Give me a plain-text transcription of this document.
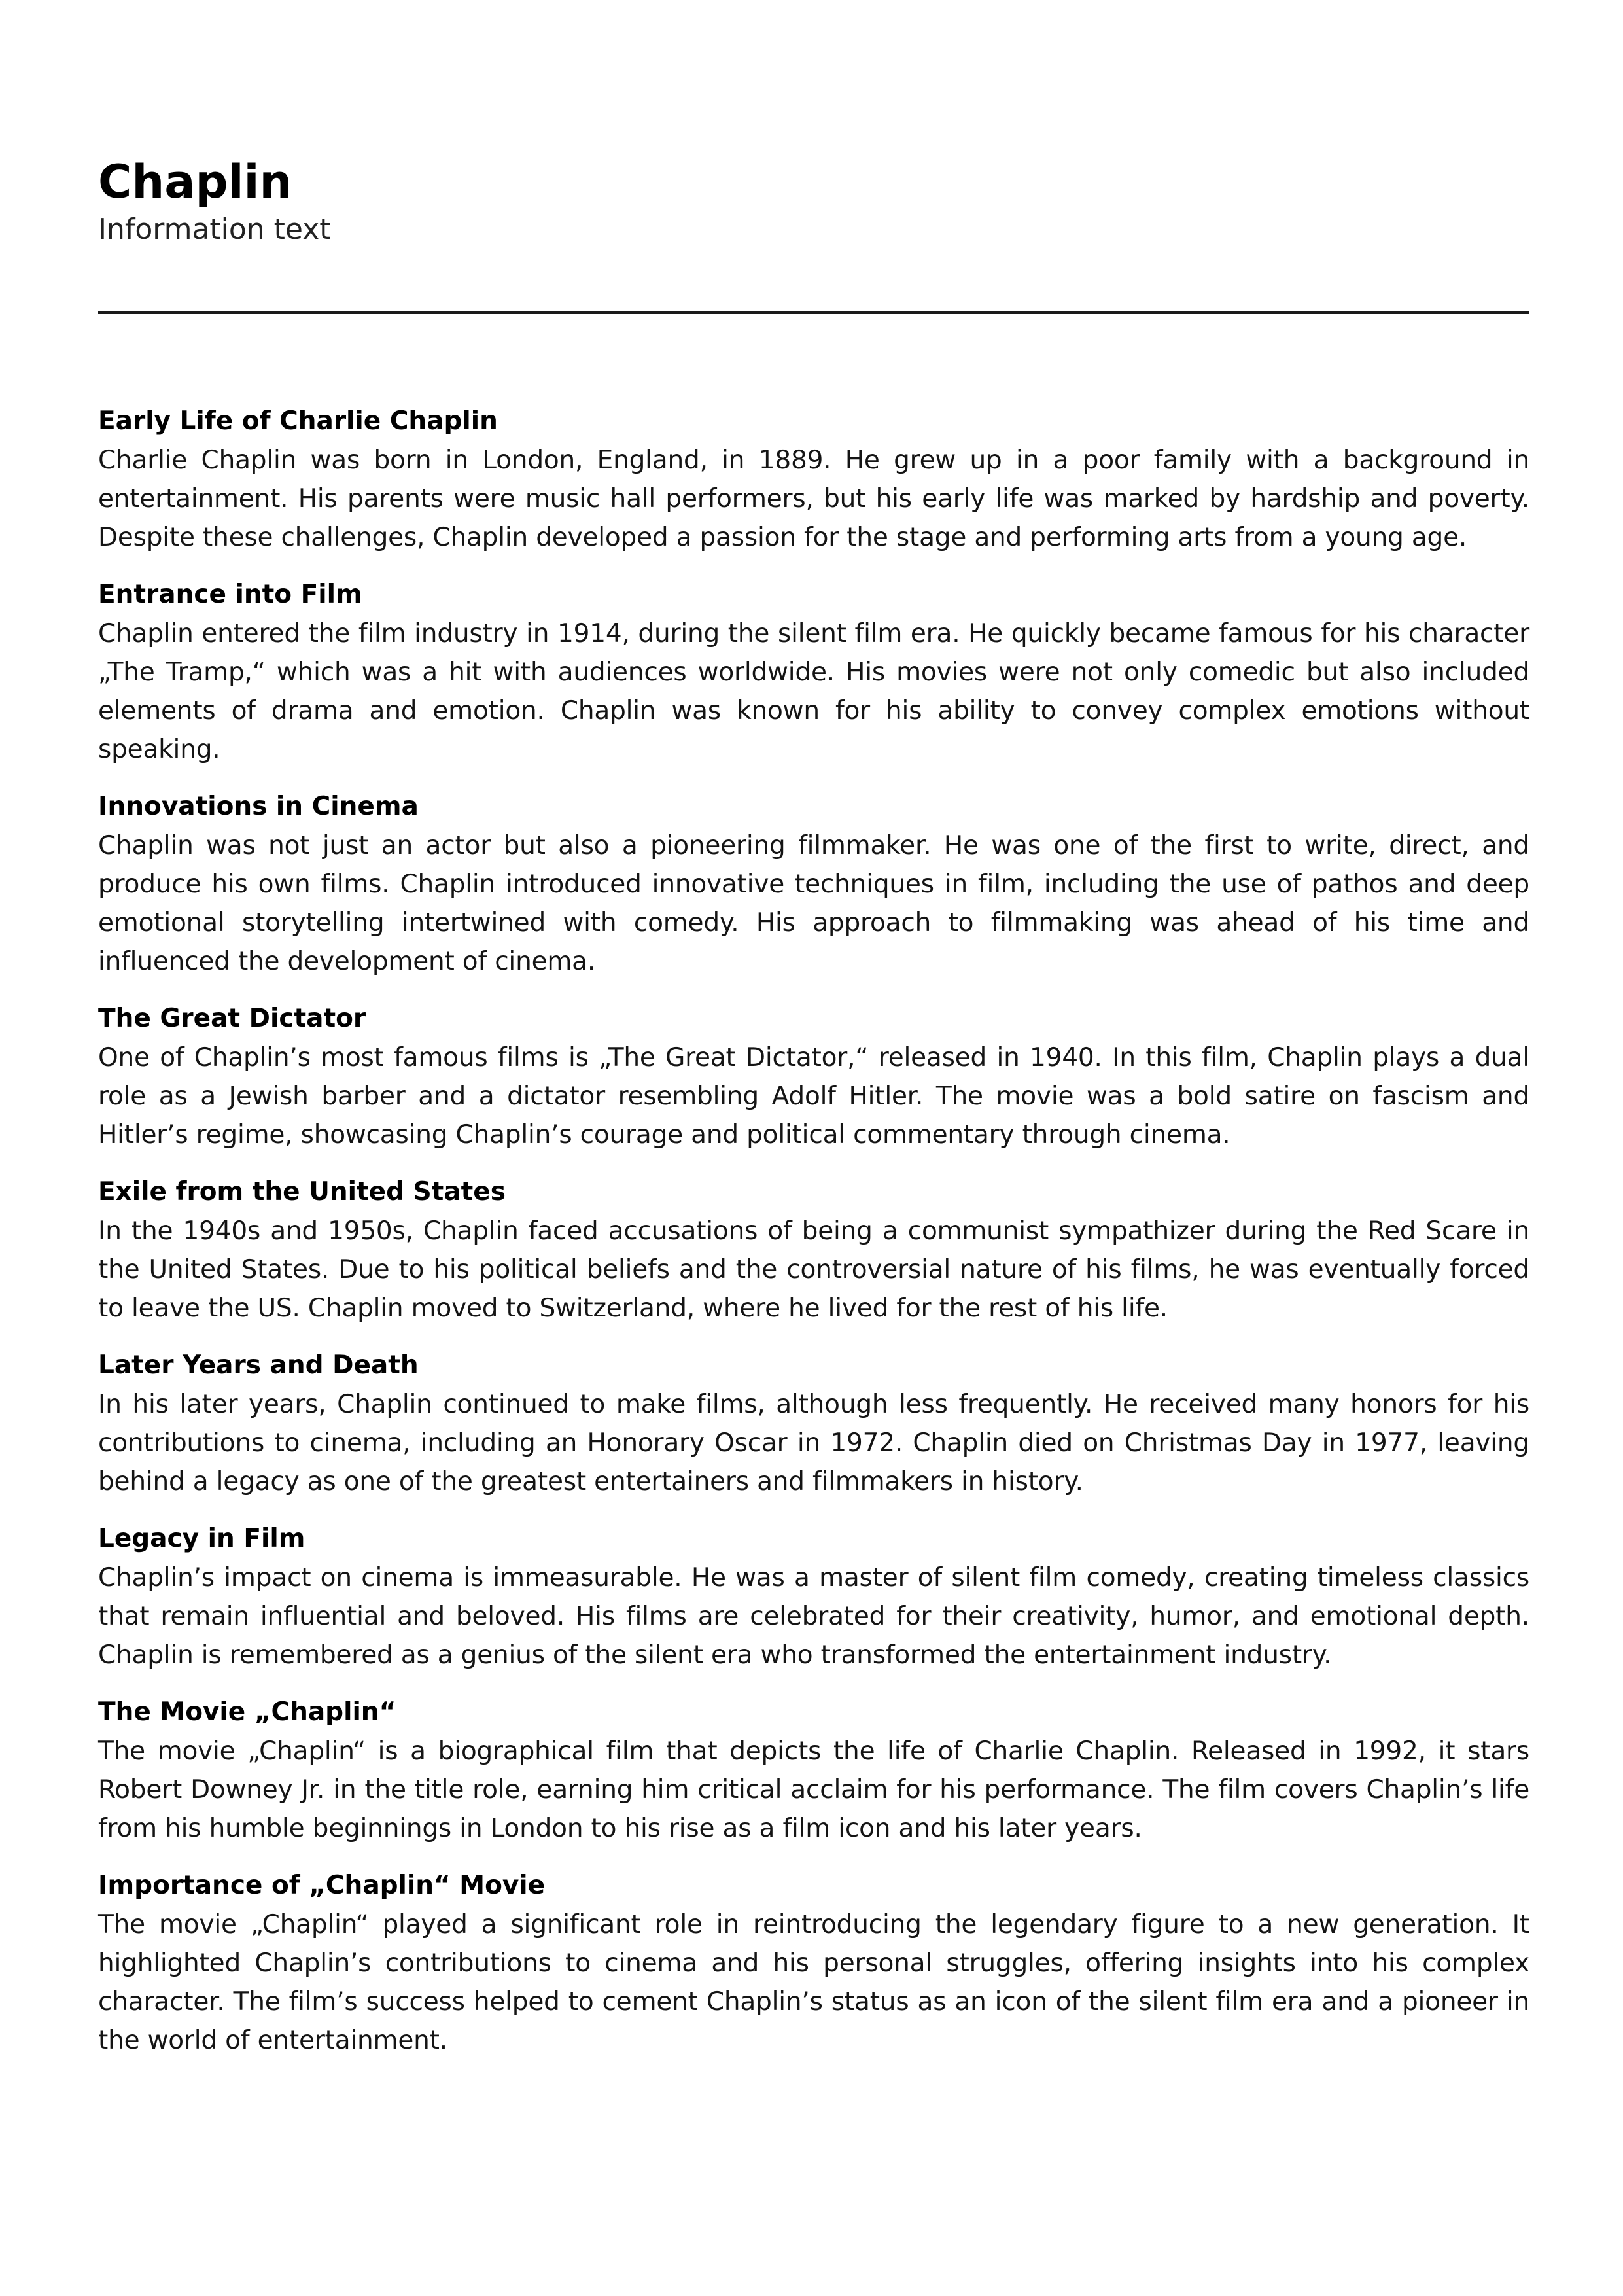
Chaplin

Information text

Early Life of Charlie Chaplin

Charlie Chaplin was born in London, England, in 1889. He grew up in a poor family with a background in entertainment. His parents were music hall performers, but his early life was marked by hardship and poverty. Despite these challenges, Chaplin developed a passion for the stage and performing arts from a young age.

Entrance into Film

Chaplin entered the film industry in 1914, during the silent film era. He quickly became famous for his character „The Tramp,“ which was a hit with audiences worldwide. His movies were not only comedic but also included elements of drama and emotion. Chaplin was known for his ability to convey complex emotions without speaking.

Innovations in Cinema

Chaplin was not just an actor but also a pioneering filmmaker. He was one of the first to write, direct, and produce his own films. Chaplin introduced innovative techniques in film, including the use of pathos and deep emotional storytelling intertwined with comedy. His approach to filmmaking was ahead of his time and influenced the development of cinema.

The Great Dictator

One of Chaplin’s most famous films is „The Great Dictator,“ released in 1940. In this film, Chaplin plays a dual role as a Jewish barber and a dictator resembling Adolf Hitler. The movie was a bold satire on fascism and Hitler’s regime, showcasing Chaplin’s courage and political commentary through cinema.

Exile from the United States

In the 1940s and 1950s, Chaplin faced accusations of being a communist sympathizer during the Red Scare in the United States. Due to his political beliefs and the controversial nature of his films, he was eventually forced to leave the US. Chaplin moved to Switzerland, where he lived for the rest of his life.

Later Years and Death

In his later years, Chaplin continued to make films, although less frequently. He received many honors for his contributions to cinema, including an Honorary Oscar in 1972. Chaplin died on Christmas Day in 1977, leaving behind a legacy as one of the greatest entertainers and filmmakers in history.

Legacy in Film

Chaplin’s impact on cinema is immeasurable. He was a master of silent film comedy, creating timeless classics that remain influential and beloved. His films are celebrated for their creativity, humor, and emotional depth. Chaplin is remembered as a genius of the silent era who transformed the entertainment industry.

The Movie „Chaplin“

The movie „Chaplin“ is a biographical film that depicts the life of Charlie Chaplin. Released in 1992, it stars Robert Downey Jr. in the title role, earning him critical acclaim for his performance. The film covers Chaplin’s life from his humble beginnings in London to his rise as a film icon and his later years.

Importance of „Chaplin“ Movie

The movie „Chaplin“ played a significant role in reintroducing the legendary figure to a new generation. It highlighted Chaplin’s contributions to cinema and his personal struggles, offering insights into his complex character. The film’s success helped to cement Chaplin’s status as an icon of the silent film era and a pioneer in the world of entertainment.
